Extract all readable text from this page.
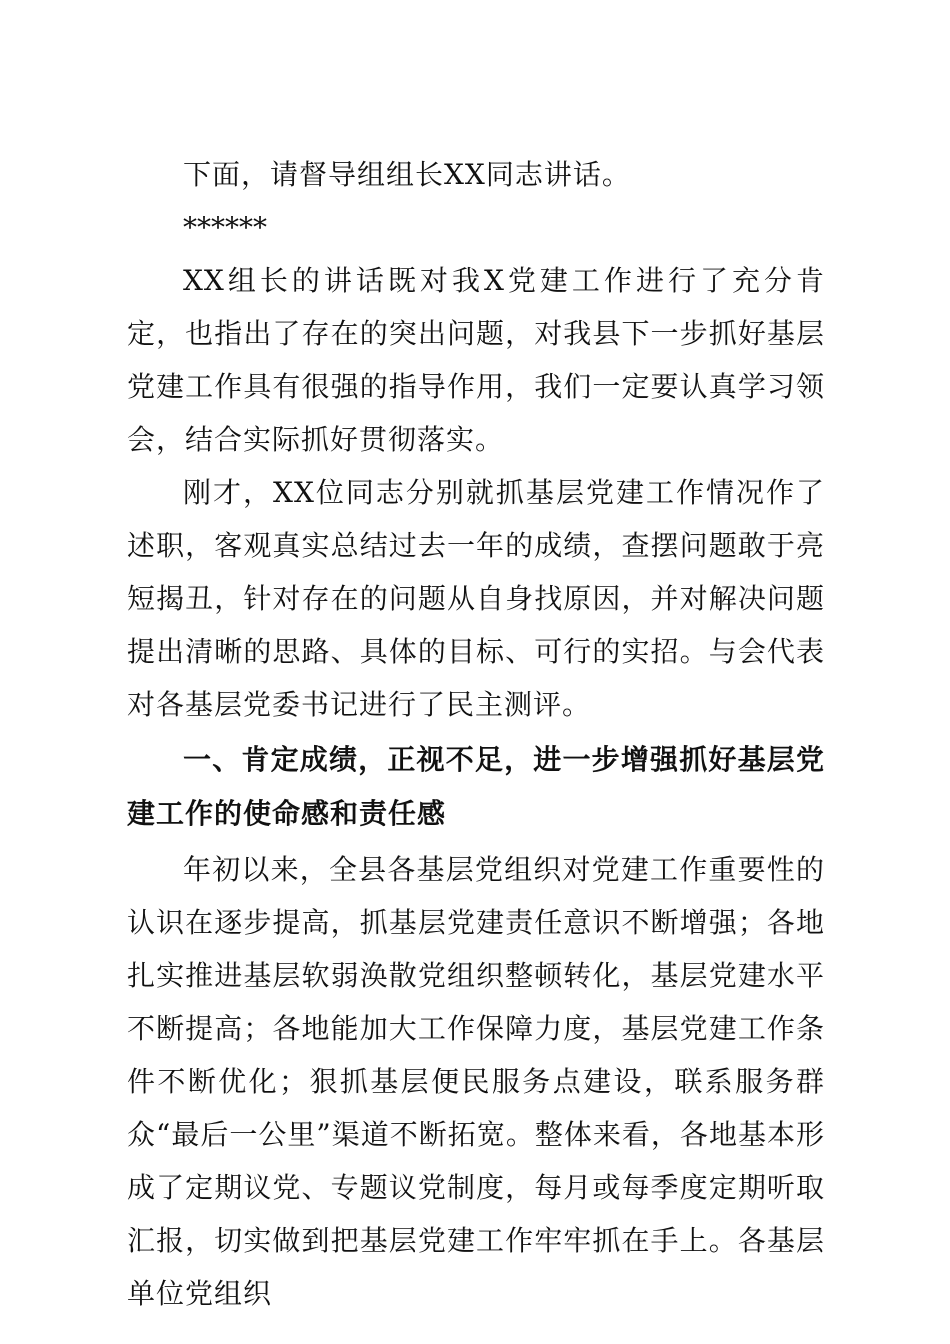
下面，请督导组组长XX同志讲话。

******

XX组长的讲话既对我X党建工作进行了充分肯定，也指出了存在的突出问题，对我县下一步抓好基层党建工作具有很强的指导作用，我们一定要认真学习领会，结合实际抓好贯彻落实。

刚才，XX位同志分别就抓基层党建工作情况作了述职，客观真实总结过去一年的成绩，查摆问题敢于亮短揭丑，针对存在的问题从自身找原因，并对解决问题提出清晰的思路、具体的目标、可行的实招。与会代表对各基层党委书记进行了民主测评。

一、肯定成绩，正视不足，进一步增强抓好基层党建工作的使命感和责任感

年初以来，全县各基层党组织对党建工作重要性的认识在逐步提高，抓基层党建责任意识不断增强；各地扎实推进基层软弱涣散党组织整顿转化，基层党建水平不断提高；各地能加大工作保障力度，基层党建工作条件不断优化；狠抓基层便民服务点建设，联系服务群众“最后一公里”渠道不断拓宽。整体来看，各地基本形成了定期议党、专题议党制度，每月或每季度定期听取汇报，切实做到把基层党建工作牢牢抓在手上。各基层单位党组织
